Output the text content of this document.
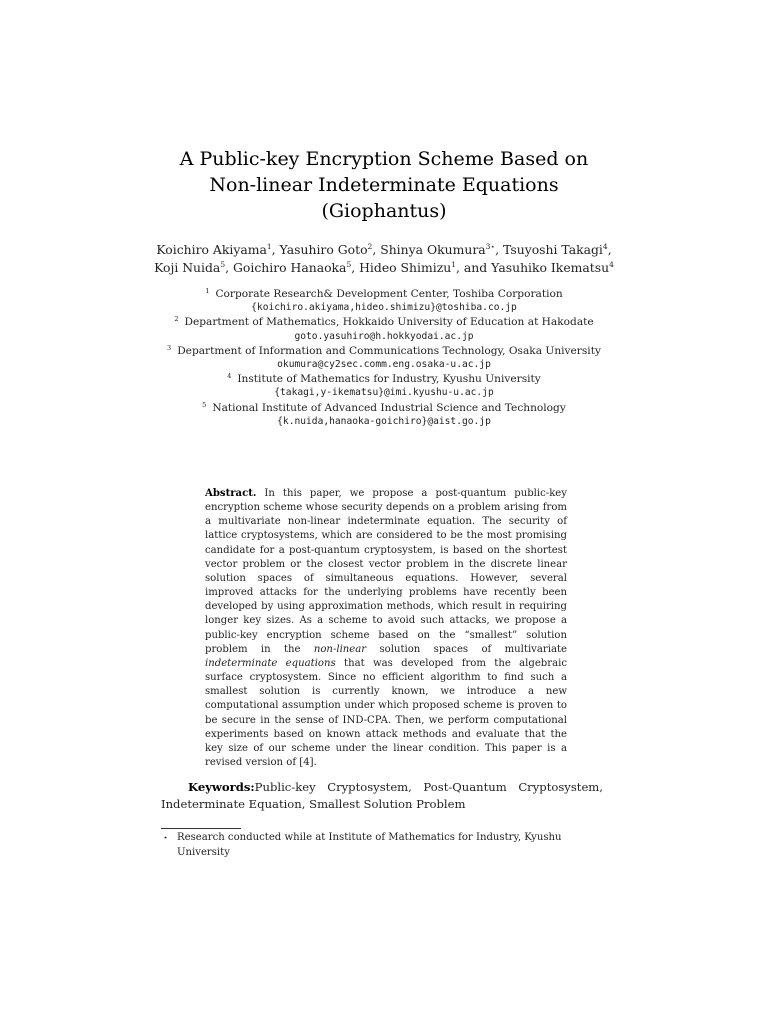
A Public-key Encryption Scheme Based on
Non-linear Indeterminate Equations
(Giophantus)
Koichiro Akiyama$^1$, Yasuhiro Goto$^2$, Shinya Okumura$^{3⋆}$, Tsuyoshi Takagi$^4$,
Koji Nuida$^5$, Goichiro Hanaoka$^5$, Hideo Shimizu$^1$, and Yasuhiko Ikematsu$^4$
$^1$ Corporate Research& Development Center, Toshiba Corporation
{koichiro.akiyama,hideo.shimizu}@toshiba.co.jp
$^2$ Department of Mathematics, Hokkaido University of Education at Hakodate
goto.yasuhiro@h.hokkyodai.ac.jp
$^3$ Department of Information and Communications Technology, Osaka University
okumura@cy2sec.comm.eng.osaka-u.ac.jp
$^4$ Institute of Mathematics for Industry, Kyushu University
{takagi,y-ikematsu}@imi.kyushu-u.ac.jp
$^5$ National Institute of Advanced Industrial Science and Technology
{k.nuida,hanaoka-goichiro}@aist.go.jp
Abstract. In this paper, we propose a post-quantum public-key encryption scheme whose security depends on a problem arising from a multivariate non-linear indeterminate equation. The security of lattice cryptosystems, which are considered to be the most promising candidate for a post-quantum cryptosystem, is based on the shortest vector problem or the closest vector problem in the discrete linear solution spaces of simultaneous equations. However, several improved attacks for the underlying problems have recently been developed by using approximation methods, which result in requiring longer key sizes. As a scheme to avoid such attacks, we propose a public-key encryption scheme based on the “smallest” solution problem in the non-linear solution spaces of multivariate indeterminate equations that was developed from the algebraic surface cryptosystem. Since no efficient algorithm to find such a smallest solution is currently known, we introduce a new computational assumption under which proposed scheme is proven to be secure in the sense of IND-CPA. Then, we perform computational experiments based on known attack methods and evaluate that the key size of our scheme under the linear condition. This paper is a revised version of [4].
Keywords:Public-key Cryptosystem, Post-Quantum Cryptosystem, Indeterminate Equation, Smallest Solution Problem
⋆ Research conducted while at Institute of Mathematics for Industry, Kyushu University
